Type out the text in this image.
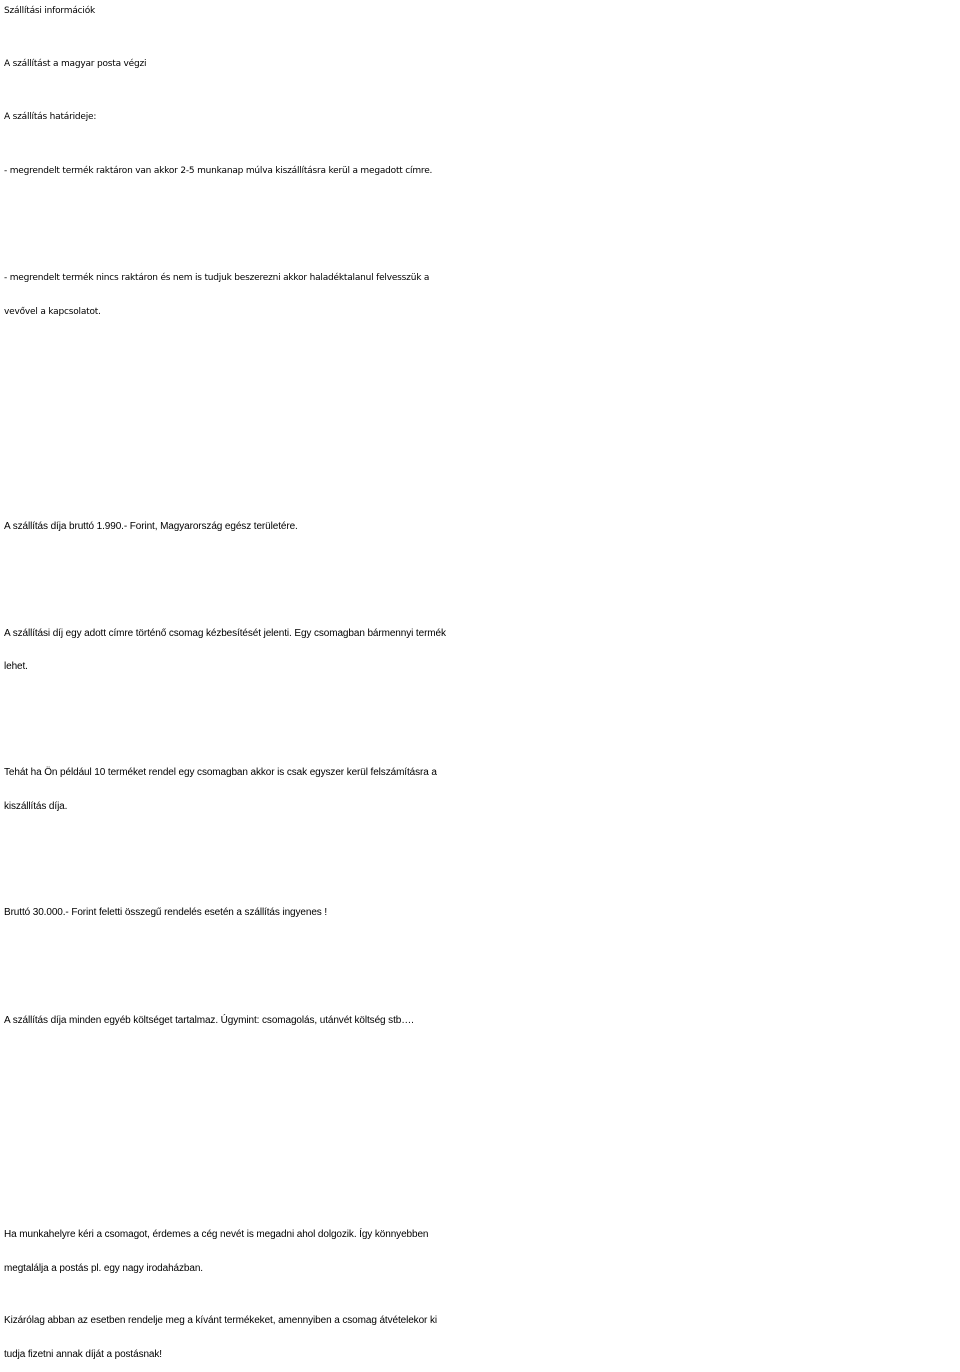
Szállítási információk

A szállítást a magyar posta végzi

A szállítás határideje:

- megrendelt termék raktáron van akkor 2-5 munkanap múlva kiszállításra kerül a megadott címre.

- megrendelt termék nincs raktáron és nem is tudjuk beszerezni akkor haladéktalanul felvesszük a

vevővel a kapcsolatot.

A szállítás díja bruttó 1.990.- Forint, Magyarország egész területére.

A szállítási díj egy adott címre történő csomag kézbesítését jelenti. Egy csomagban bármennyi termék

lehet.

Tehát ha Ön például 10 terméket rendel egy csomagban akkor is csak egyszer kerül felszámításra a

kiszállítás díja.

Bruttó 30.000.- Forint feletti összegű rendelés esetén a szállítás ingyenes !

A szállítás díja minden egyéb költséget tartalmaz. Úgymint: csomagolás, utánvét költség stb….

Ha munkahelyre kéri a csomagot, érdemes a cég nevét is megadni ahol dolgozik. Így könnyebben

megtalálja a postás pl. egy nagy irodaházban.

Kizárólag abban az esetben rendelje meg a kívánt termékeket, amennyiben a csomag átvételekor ki

tudja fizetni annak díját a postásnak!
